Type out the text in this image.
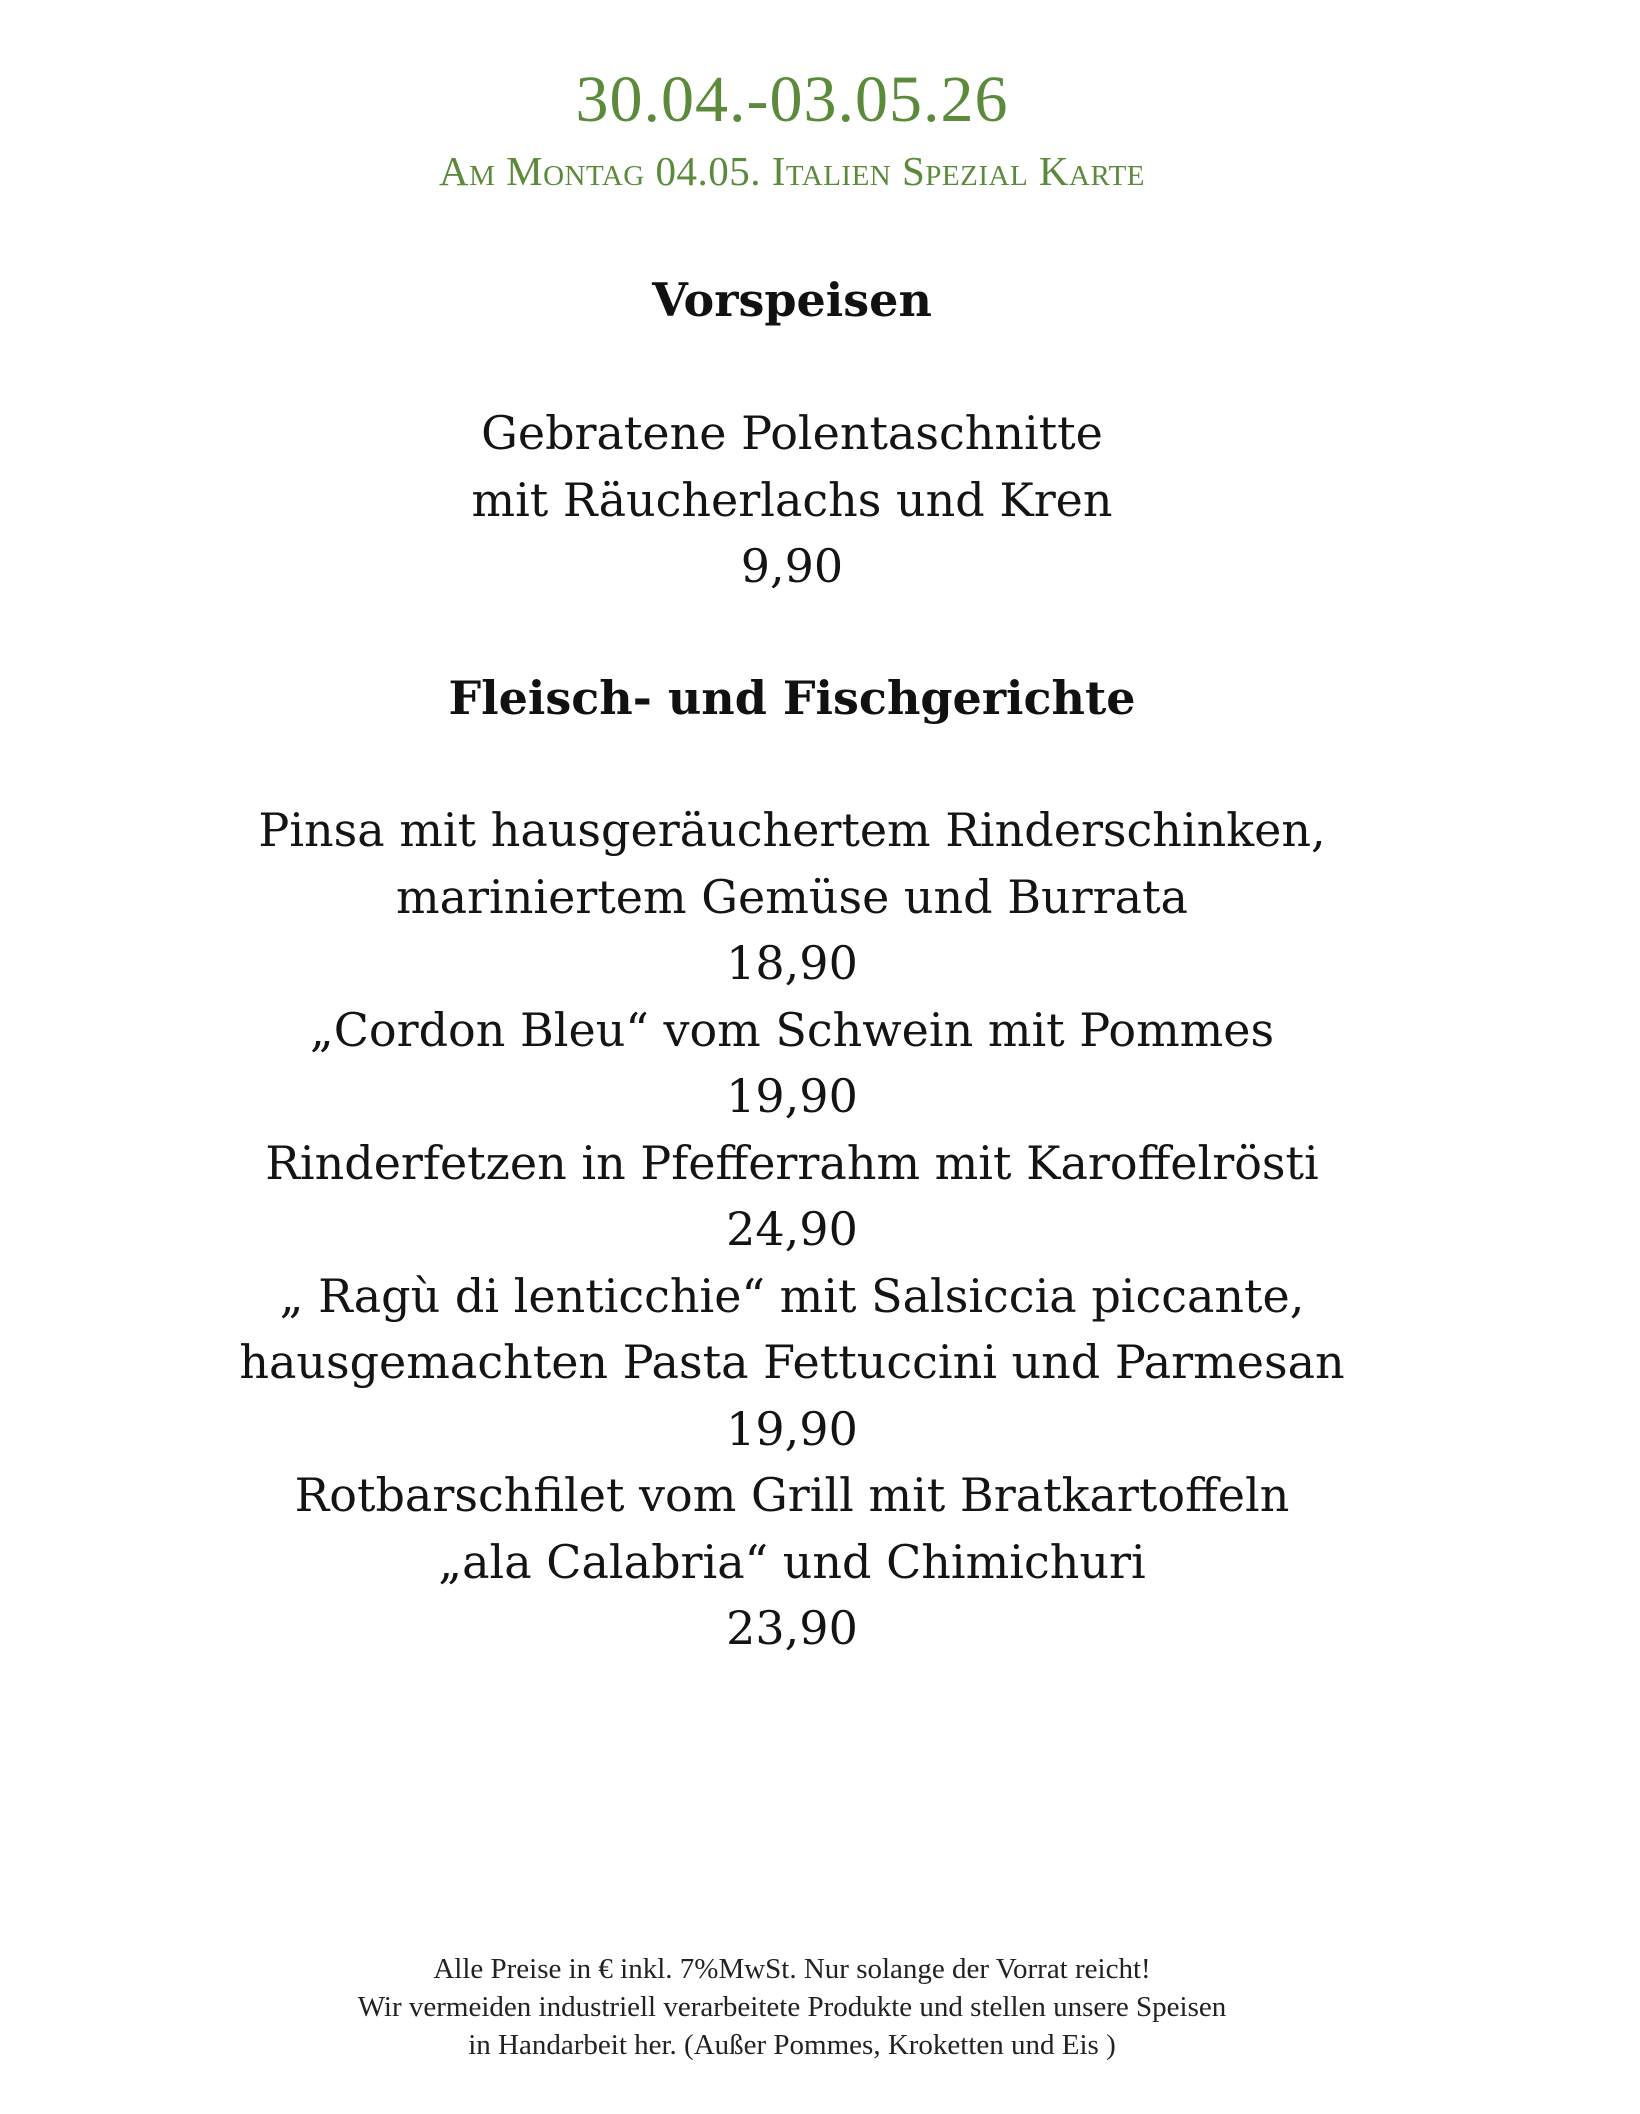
30.04.-03.05.26
Am Montag 04.05. Italien Spezial Karte
Vorspeisen
Gebratene Polentaschnitte
mit Räucherlachs und Kren
9,90
Fleisch- und Fischgerichte
Pinsa mit hausgeräuchertem Rinderschinken,
mariniertem Gemüse und Burrata
18,90
„Cordon Bleu“ vom Schwein mit Pommes
19,90
Rinderfetzen in Pfefferrahm mit Karoffelrösti
24,90
„ Ragù di lenticchie“ mit Salsiccia piccante,
hausgemachten Pasta Fettuccini und Parmesan
19,90
Rotbarschfilet vom Grill mit Bratkartoffeln
„ala Calabria“ und Chimichuri
23,90
Alle Preise in € inkl. 7%MwSt. Nur solange der Vorrat reicht!
Wir vermeiden industriell verarbeitete Produkte und stellen unsere Speisen
in Handarbeit her. (Außer Pommes, Kroketten und Eis )
